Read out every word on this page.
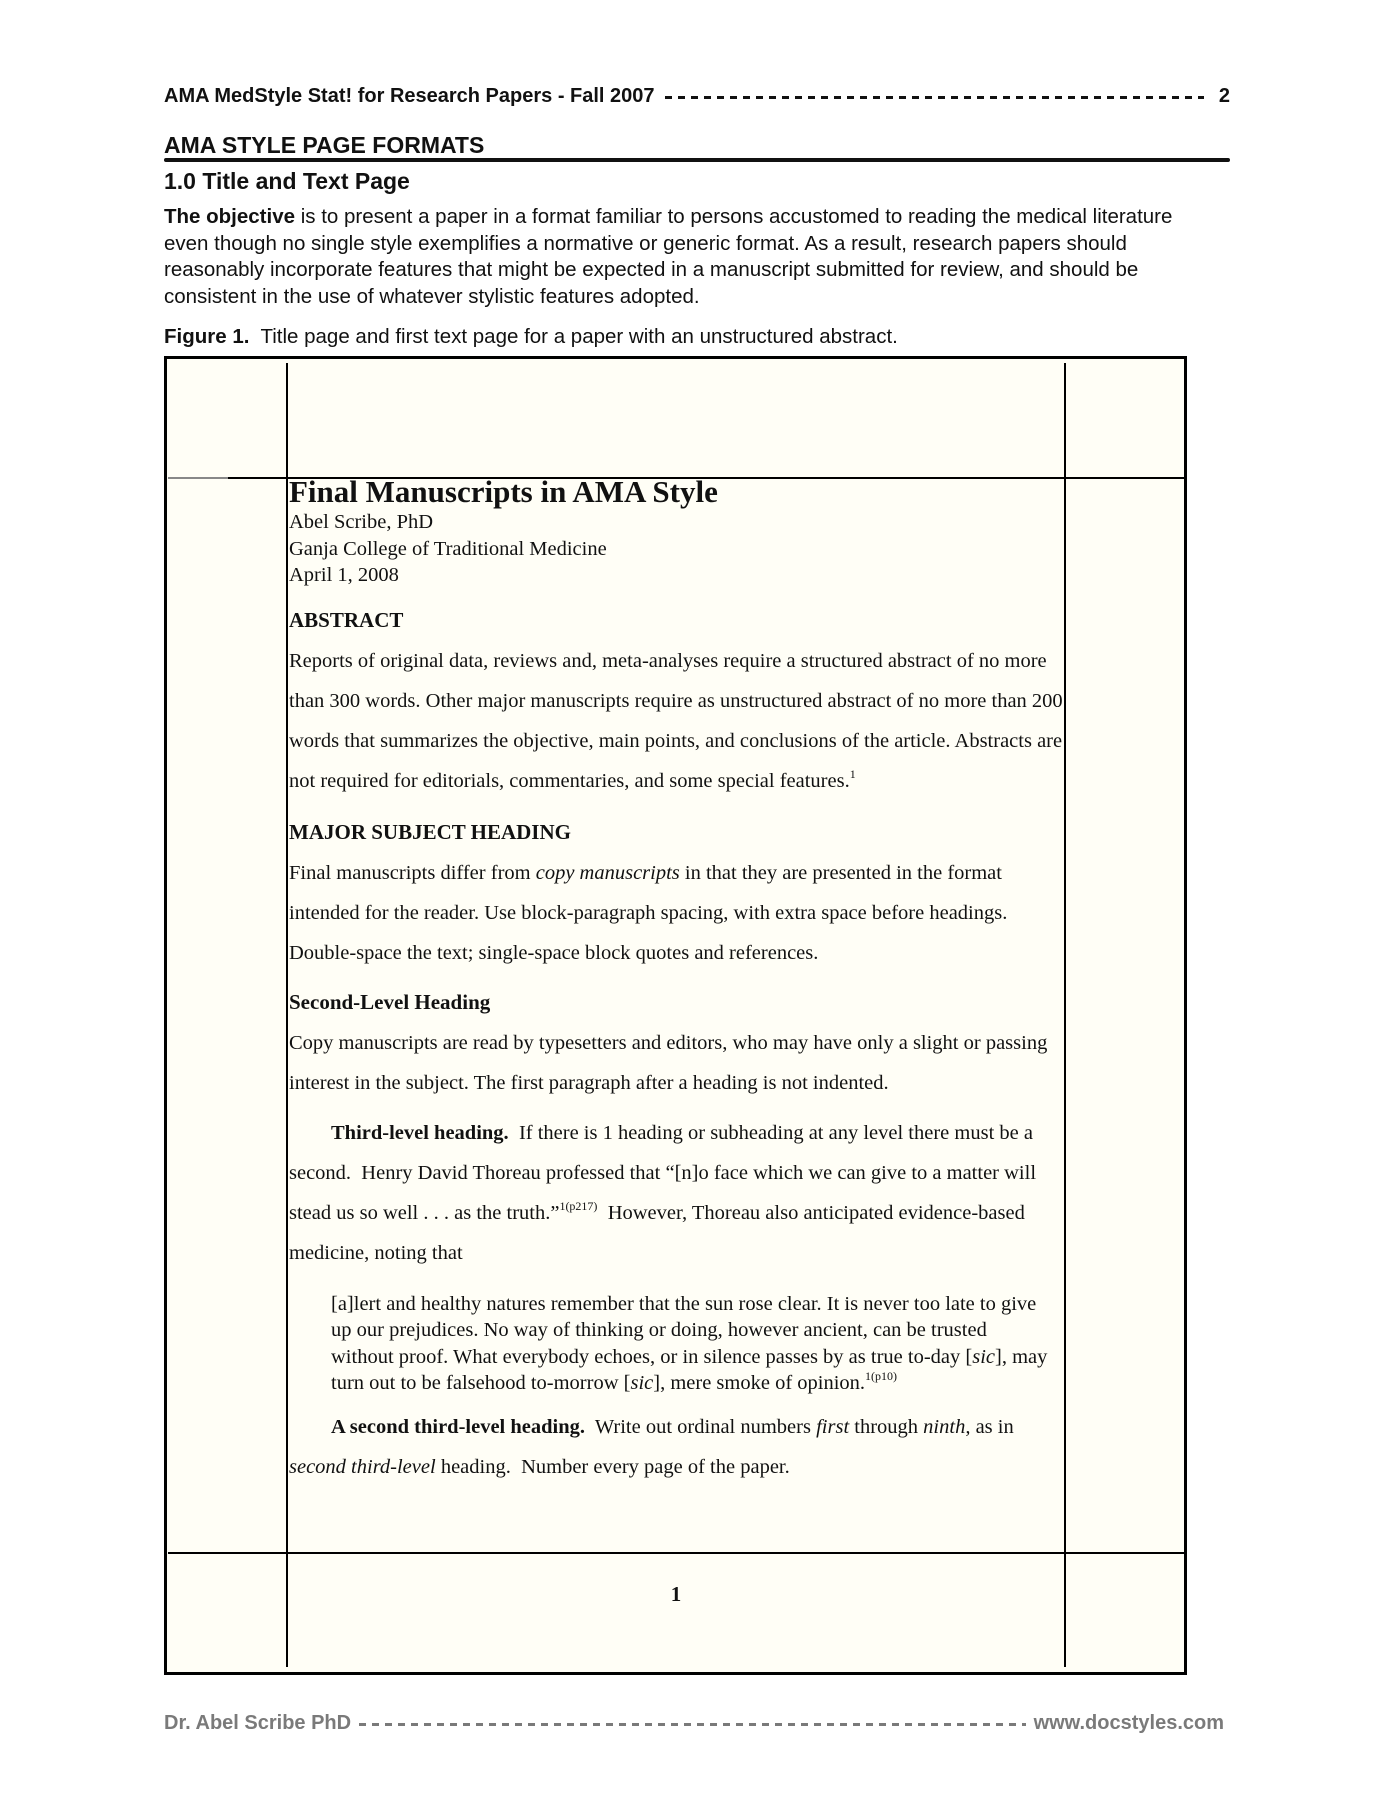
AMA MedStyle Stat! for Research Papers - Fall 2007	2
AMA STYLE PAGE FORMATS
1.0 Title and Text Page

The objective is to present a paper in a format familiar to persons accustomed to reading the medical literature even though no single style exemplifies a normative or generic format. As a result, research papers should reasonably incorporate features that might be expected in a manuscript submitted for review, and should be consistent in the use of whatever stylistic features adopted.

Figure 1.  Title page and first text page for a paper with an unstructured abstract.
Final Manuscripts in AMA Style
Abel Scribe, PhD
Ganja College of Traditional Medicine
April 1, 2008
ABSTRACT

Reports of original data, reviews and, meta-analyses require a structured abstract of no more than 300 words. Other major manuscripts require as unstructured abstract of no more than 200 words that summarizes the objective, main points, and conclusions of the article. Abstracts are not required for editorials, commentaries, and some special features.$^1$

MAJOR SUBJECT HEADING

Final manuscripts differ from copy manuscripts in that they are presented in the format intended for the reader. Use block-paragraph spacing, with extra space before headings. Double-space the text; single-space block quotes and references.

Second-Level Heading

Copy manuscripts are read by typesetters and editors, who may have only a slight or passing interest in the subject. The first paragraph after a heading is not indented.

Third-level heading.  If there is 1 heading or subheading at any level there must be a second.  Henry David Thoreau professed that “[n]o face which we can give to a matter will stead us so well . . . as the truth.”$^{1(p217)}$  However, Thoreau also anticipated evidence-based medicine, noting that

[a]lert and healthy natures remember that the sun rose clear. It is never too late to give up our prejudices. No way of thinking or doing, however ancient, can be trusted without proof. What everybody echoes, or in silence passes by as true to-day [sic], may turn out to be falsehood to-morrow [sic], mere smoke of opinion.$^{1(p10)}$

A second third-level heading.  Write out ordinal numbers first through ninth, as in second third-level heading.  Number every page of the paper.

1
Dr. Abel Scribe PhD	www.docstyles.com
